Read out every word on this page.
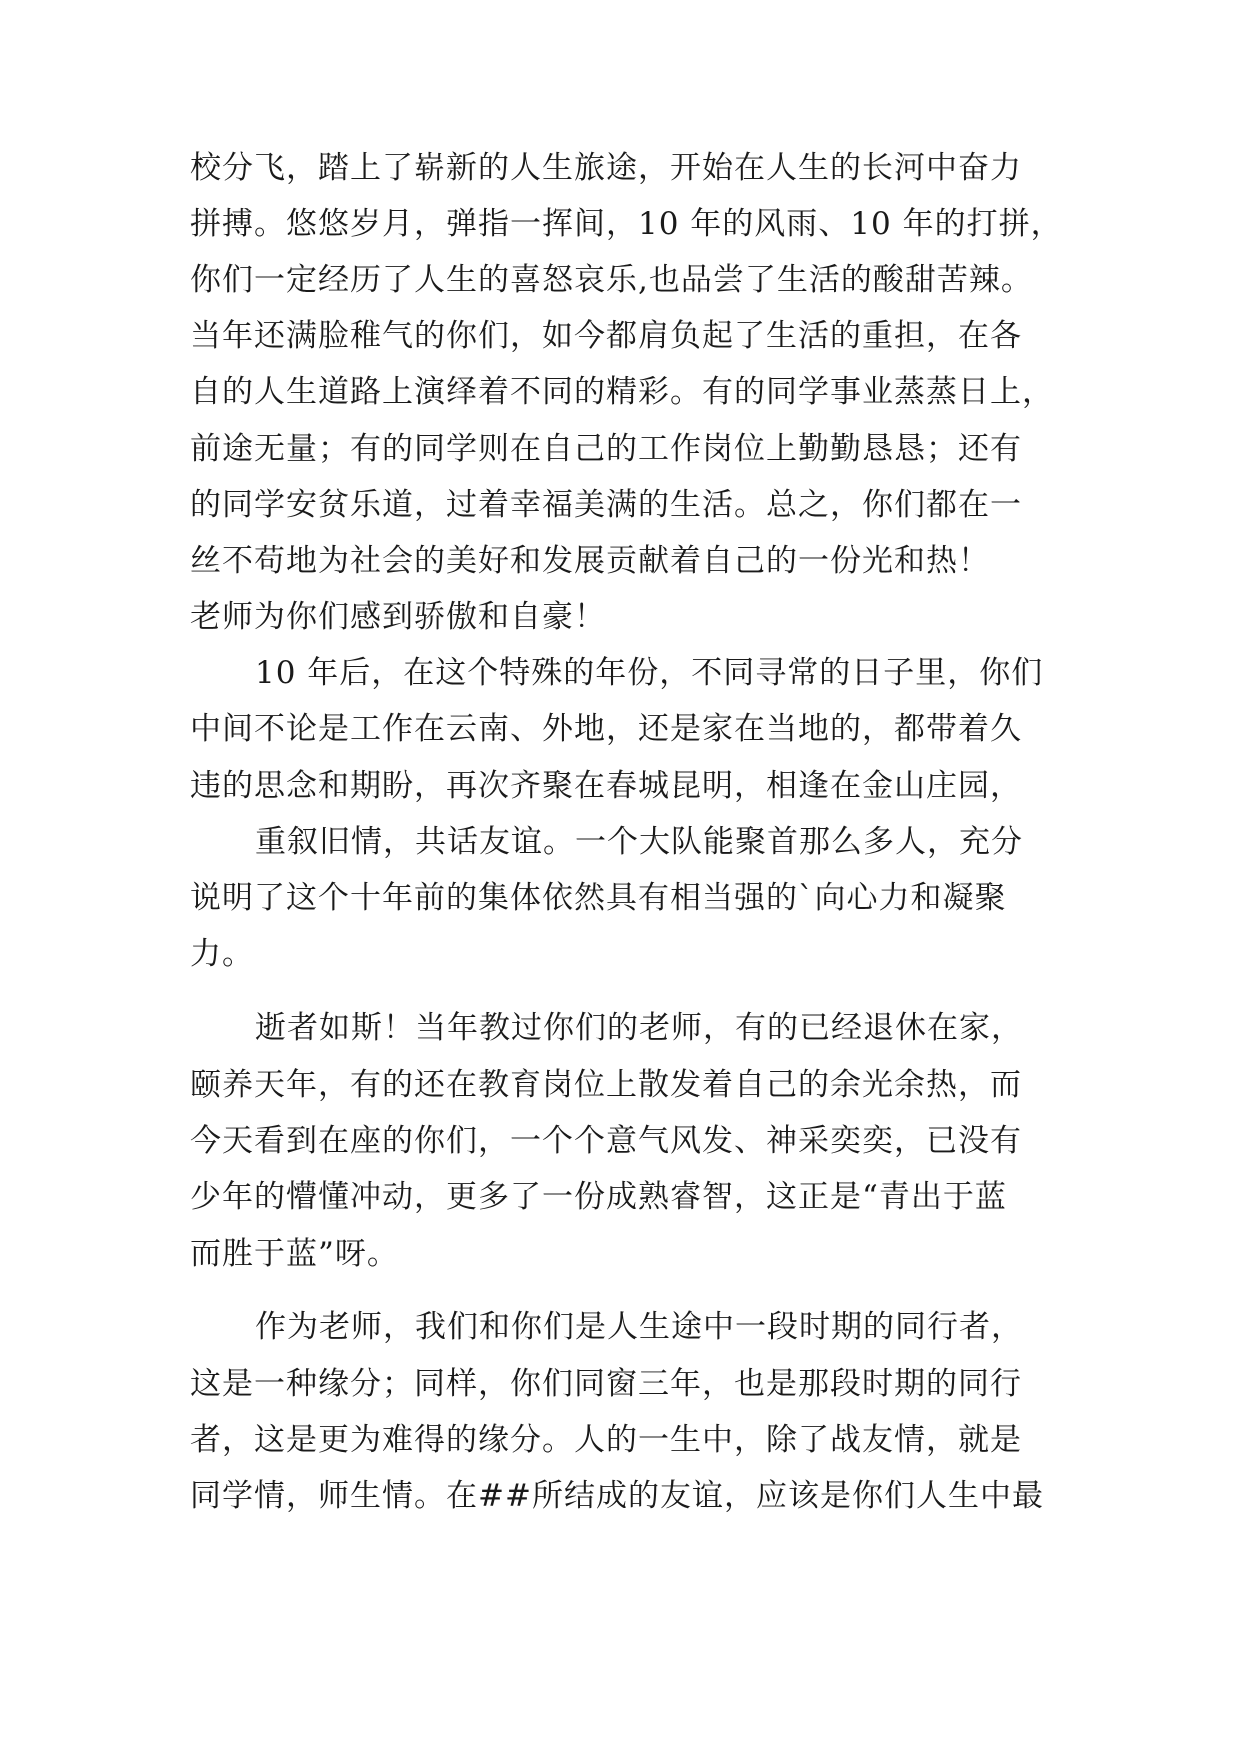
校分飞，踏上了崭新的人生旅途，开始在人生的长河中奋力
拼搏。悠悠岁月，弹指一挥间，10 年的风雨、10 年的打拼，
你们一定经历了人生的喜怒哀乐,也品尝了生活的酸甜苦辣。
当年还满脸稚气的你们，如今都肩负起了生活的重担，在各
自的人生道路上演绎着不同的精彩。有的同学事业蒸蒸日上，
前途无量；有的同学则在自己的工作岗位上勤勤恳恳；还有
的同学安贫乐道，过着幸福美满的生活。总之，你们都在一
丝不苟地为社会的美好和发展贡献着自己的一份光和热！
老师为你们感到骄傲和自豪！
10 年后，在这个特殊的年份，不同寻常的日子里，你们
中间不论是工作在云南、外地，还是家在当地的，都带着久
违的思念和期盼，再次齐聚在春城昆明，相逢在金山庄园，
重叙旧情，共话友谊。一个大队能聚首那么多人，充分
说明了这个十年前的集体依然具有相当强的`向心力和凝聚
力。
逝者如斯！当年教过你们的老师，有的已经退休在家，
颐养天年，有的还在教育岗位上散发着自己的余光余热，而
今天看到在座的你们，一个个意气风发、神采奕奕，已没有
少年的懵懂冲动，更多了一份成熟睿智，这正是“青出于蓝
而胜于蓝”呀。
作为老师，我们和你们是人生途中一段时期的同行者，
这是一种缘分；同样，你们同窗三年，也是那段时期的同行
者，这是更为难得的缘分。人的一生中，除了战友情，就是
同学情，师生情。在##所结成的友谊，应该是你们人生中最
